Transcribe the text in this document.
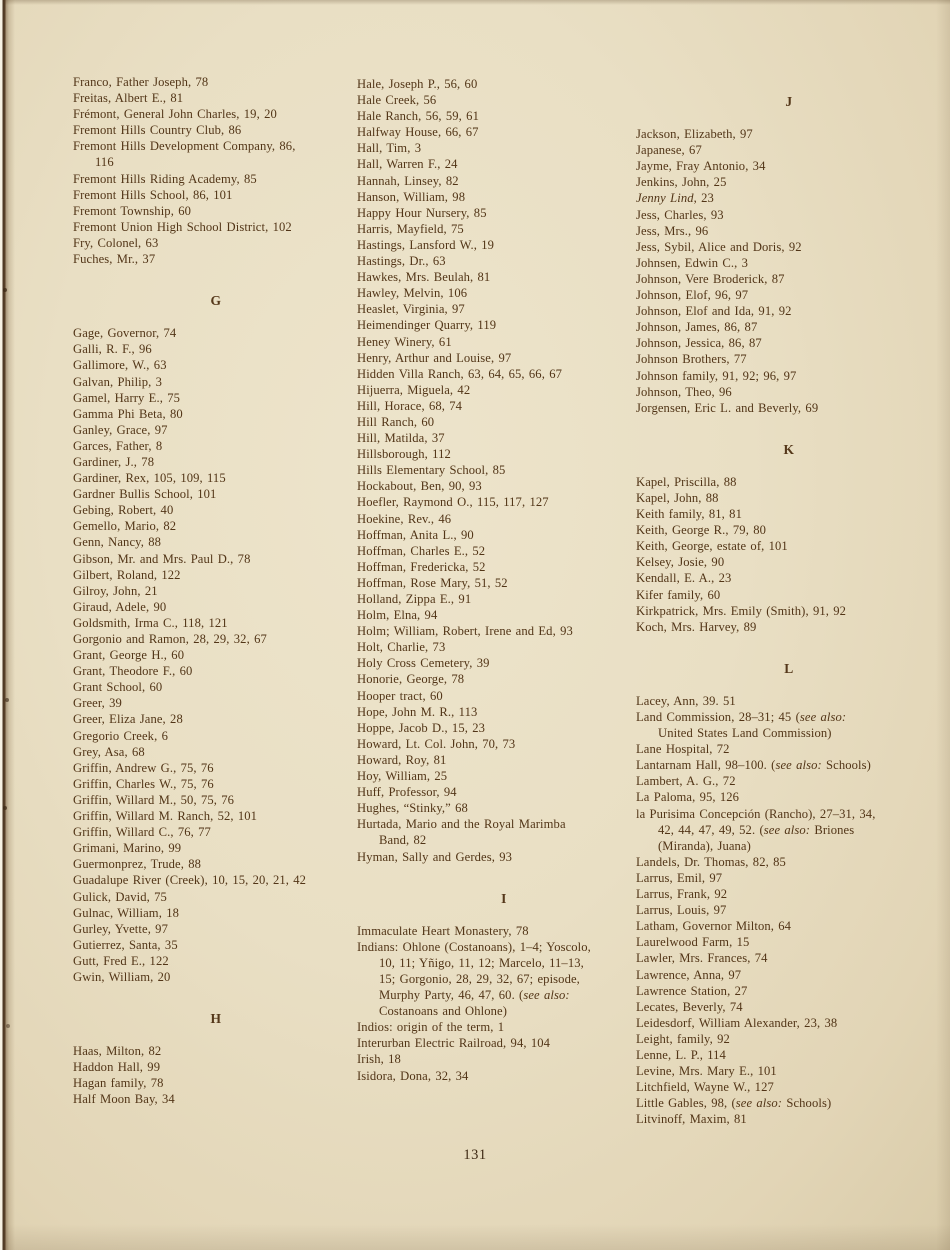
Franco, Father Joseph, 78
Freitas, Albert E., 81
Frémont, General John Charles, 19, 20
Fremont Hills Country Club, 86
Fremont Hills Development Company, 86,
116
Fremont Hills Riding Academy, 85
Fremont Hills School, 86, 101
Fremont Township, 60
Fremont Union High School District, 102
Fry, Colonel, 63
Fuches, Mr., 37
G
Gage, Governor, 74
Galli, R. F., 96
Gallimore, W., 63
Galvan, Philip, 3
Gamel, Harry E., 75
Gamma Phi Beta, 80
Ganley, Grace, 97
Garces, Father, 8
Gardiner, J., 78
Gardiner, Rex, 105, 109, 115
Gardner Bullis School, 101
Gebing, Robert, 40
Gemello, Mario, 82
Genn, Nancy, 88
Gibson, Mr. and Mrs. Paul D., 78
Gilbert, Roland, 122
Gilroy, John, 21
Giraud, Adele, 90
Goldsmith, Irma C., 118, 121
Gorgonio and Ramon, 28, 29, 32, 67
Grant, George H., 60
Grant, Theodore F., 60
Grant School, 60
Greer, 39
Greer, Eliza Jane, 28
Gregorio Creek, 6
Grey, Asa, 68
Griffin, Andrew G., 75, 76
Griffin, Charles W., 75, 76
Griffin, Willard M., 50, 75, 76
Griffin, Willard M. Ranch, 52, 101
Griffin, Willard C., 76, 77
Grimani, Marino, 99
Guermonprez, Trude, 88
Guadalupe River (Creek), 10, 15, 20, 21, 42
Gulick, David, 75
Gulnac, William, 18
Gurley, Yvette, 97
Gutierrez, Santa, 35
Gutt, Fred E., 122
Gwin, William, 20
H
Haas, Milton, 82
Haddon Hall, 99
Hagan family, 78
Half Moon Bay, 34
Hale, Joseph P., 56, 60
Hale Creek, 56
Hale Ranch, 56, 59, 61
Halfway House, 66, 67
Hall, Tim, 3
Hall, Warren F., 24
Hannah, Linsey, 82
Hanson, William, 98
Happy Hour Nursery, 85
Harris, Mayfield, 75
Hastings, Lansford W., 19
Hastings, Dr., 63
Hawkes, Mrs. Beulah, 81
Hawley, Melvin, 106
Heaslet, Virginia, 97
Heimendinger Quarry, 119
Heney Winery, 61
Henry, Arthur and Louise, 97
Hidden Villa Ranch, 63, 64, 65, 66, 67
Hijuerra, Miguela, 42
Hill, Horace, 68, 74
Hill Ranch, 60
Hill, Matilda, 37
Hillsborough, 112
Hills Elementary School, 85
Hockabout, Ben, 90, 93
Hoefler, Raymond O., 115, 117, 127
Hoekine, Rev., 46
Hoffman, Anita L., 90
Hoffman, Charles E., 52
Hoffman, Fredericka, 52
Hoffman, Rose Mary, 51, 52
Holland, Zippa E., 91
Holm, Elna, 94
Holm; William, Robert, Irene and Ed, 93
Holt, Charlie, 73
Holy Cross Cemetery, 39
Honorie, George, 78
Hooper tract, 60
Hope, John M. R., 113
Hoppe, Jacob D., 15, 23
Howard, Lt. Col. John, 70, 73
Howard, Roy, 81
Hoy, William, 25
Huff, Professor, 94
Hughes, “Stinky,” 68
Hurtada, Mario and the Royal Marimba
Band, 82
Hyman, Sally and Gerdes, 93
I
Immaculate Heart Monastery, 78
Indians: Ohlone (Costanoans), 1–4; Yoscolo,
10, 11; Yñigo, 11, 12; Marcelo, 11–13,
15; Gorgonio, 28, 29, 32, 67; episode,
Murphy Party, 46, 47, 60. (see also:
Costanoans and Ohlone)
Indios: origin of the term, 1
Interurban Electric Railroad, 94, 104
Irish, 18
Isidora, Dona, 32, 34
J
Jackson, Elizabeth, 97
Japanese, 67
Jayme, Fray Antonio, 34
Jenkins, John, 25
Jenny Lind, 23
Jess, Charles, 93
Jess, Mrs., 96
Jess, Sybil, Alice and Doris, 92
Johnsen, Edwin C., 3
Johnson, Vere Broderick, 87
Johnson, Elof, 96, 97
Johnson, Elof and Ida, 91, 92
Johnson, James, 86, 87
Johnson, Jessica, 86, 87
Johnson Brothers, 77
Johnson family, 91, 92; 96, 97
Johnson, Theo, 96
Jorgensen, Eric L. and Beverly, 69
K
Kapel, Priscilla, 88
Kapel, John, 88
Keith family, 81, 81
Keith, George R., 79, 80
Keith, George, estate of, 101
Kelsey, Josie, 90
Kendall, E. A., 23
Kifer family, 60
Kirkpatrick, Mrs. Emily (Smith), 91, 92
Koch, Mrs. Harvey, 89
L
Lacey, Ann, 39. 51
Land Commission, 28–31; 45 (see also:
United States Land Commission)
Lane Hospital, 72
Lantarnam Hall, 98–100. (see also: Schools)
Lambert, A. G., 72
La Paloma, 95, 126
la Purisima Concepción (Rancho), 27–31, 34,
42, 44, 47, 49, 52. (see also: Briones
(Miranda), Juana)
Landels, Dr. Thomas, 82, 85
Larrus, Emil, 97
Larrus, Frank, 92
Larrus, Louis, 97
Latham, Governor Milton, 64
Laurelwood Farm, 15
Lawler, Mrs. Frances, 74
Lawrence, Anna, 97
Lawrence Station, 27
Lecates, Beverly, 74
Leidesdorf, William Alexander, 23, 38
Leight, family, 92
Lenne, L. P., 114
Levine, Mrs. Mary E., 101
Litchfield, Wayne W., 127
Little Gables, 98, (see also: Schools)
Litvinoff, Maxim, 81
131
